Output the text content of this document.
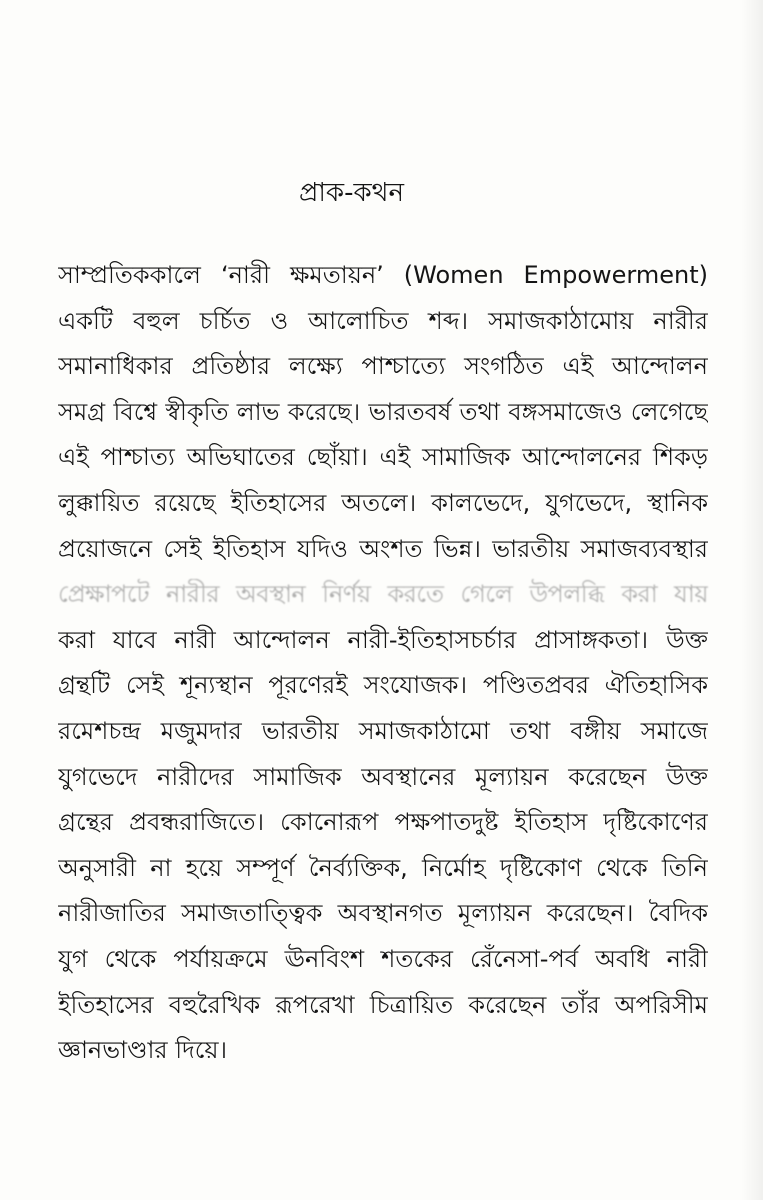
প্রাক-কথন
সাম্প্রতিককালে ‘নারী ক্ষমতায়ন’ (Women Empowerment)
একটি বহুল চর্চিত ও আলোচিত শব্দ। সমাজকাঠামোয় নারীর
সমানাধিকার প্রতিষ্ঠার লক্ষ্যে পাশ্চাত্যে সংগঠিত এই আন্দোলন
সমগ্র বিশ্বে স্বীকৃতি লাভ করেছে। ভারতবর্ষ তথা বঙ্গসমাজেও লেগেছে
এই পাশ্চাত্য অভিঘাতের ছোঁয়া। এই সামাজিক আন্দোলনের শিকড়
লুক্কায়িত রয়েছে ইতিহাসের অতলে। কালভেদে, যুগভেদে, স্থানিক
প্রয়োজনে সেই ইতিহাস যদিও অংশত ভিন্ন। ভারতীয় সমাজব্যবস্থার
প্রেক্ষাপটে নারীর অবস্থান নির্ণয় করতে গেলে উপলব্ধি করা যায়
করা যাবে নারী আন্দোলন নারী-ইতিহাসচর্চার প্রাসাঙ্গকতা। উক্ত
গ্রন্থটি সেই শূন্যস্থান পূরণেরই সংযোজক। পণ্ডিতপ্রবর ঐতিহাসিক
রমেশচন্দ্র মজুমদার ভারতীয় সমাজকাঠামো তথা বঙ্গীয় সমাজে
যুগভেদে নারীদের সামাজিক অবস্থানের মূল্যায়ন করেছেন উক্ত
গ্রন্থের প্রবন্ধরাজিতে। কোনোরূপ পক্ষপাতদুষ্ট ইতিহাস দৃষ্টিকোণের
অনুসারী না হয়ে সম্পূর্ণ নৈর্ব্যক্তিক, নির্মোহ দৃষ্টিকোণ থেকে তিনি
নারীজাতির সমাজতাত্ত্বিক অবস্থানগত মূল্যায়ন করেছেন। বৈদিক
যুগ থেকে পর্যায়ক্রমে ঊনবিংশ শতকের রেঁনেসা-পর্ব অবধি নারী
ইতিহাসের বহুরৈখিক রূপরেখা চিত্রায়িত করেছেন তাঁর অপরিসীম
জ্ঞানভাণ্ডার দিয়ে।
